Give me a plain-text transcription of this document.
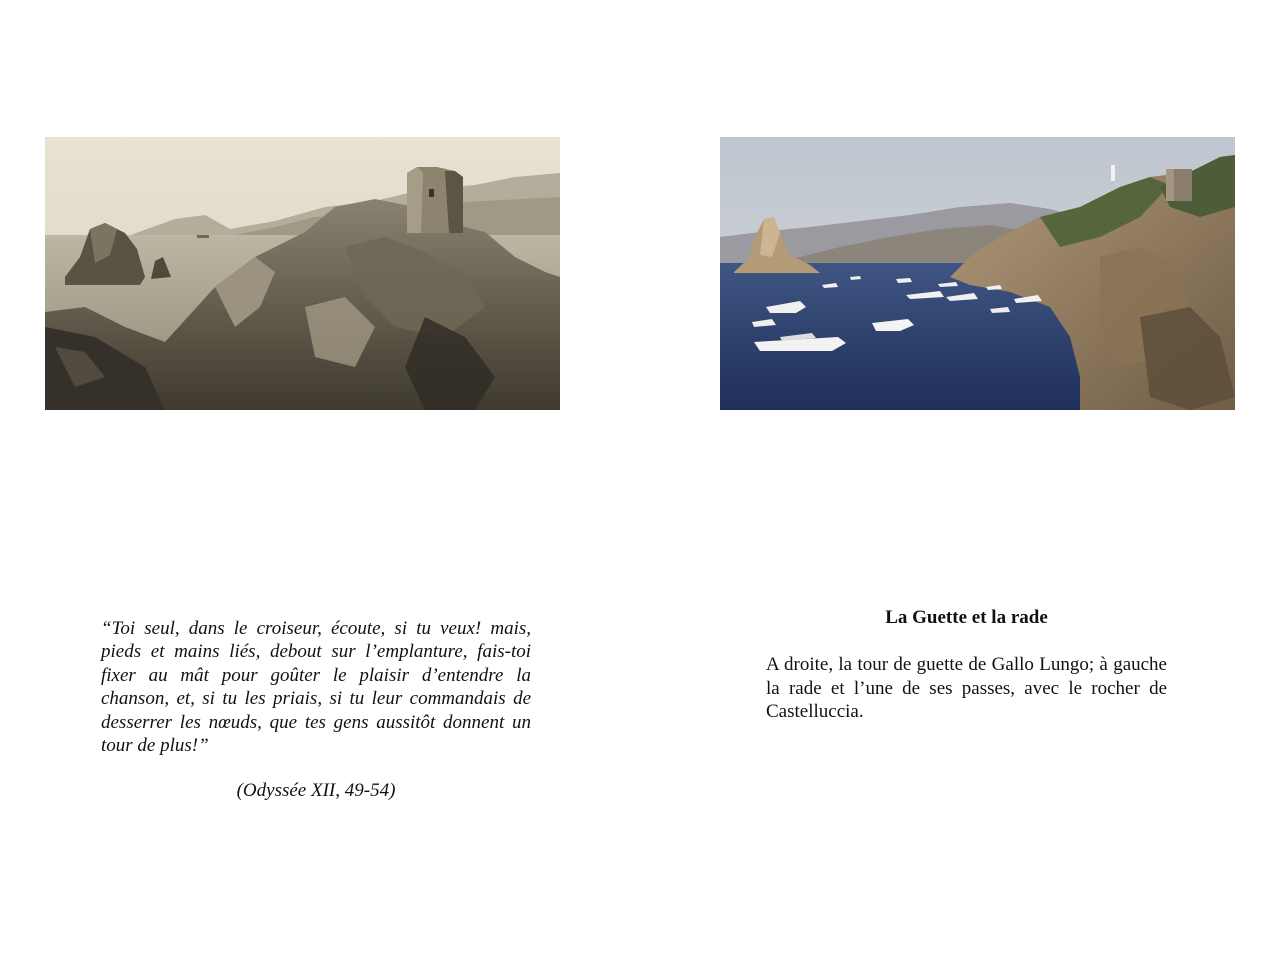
“Toi seul, dans le croiseur, écoute, si tu veux! mais, pieds et mains liés, debout sur l’emplanture, fais-toi fixer au mât pour goûter le plaisir d’entendre la chanson, et, si tu les priais, si tu leur commandais de desserrer les nœuds, que tes gens aussitôt donnent un tour de plus!”

(Odyssée XII, 49-54)

La Guette et la rade

A droite, la tour de guette de Gallo Lungo; à gauche la rade et l’une de ses passes, avec le rocher de Castelluccia.
